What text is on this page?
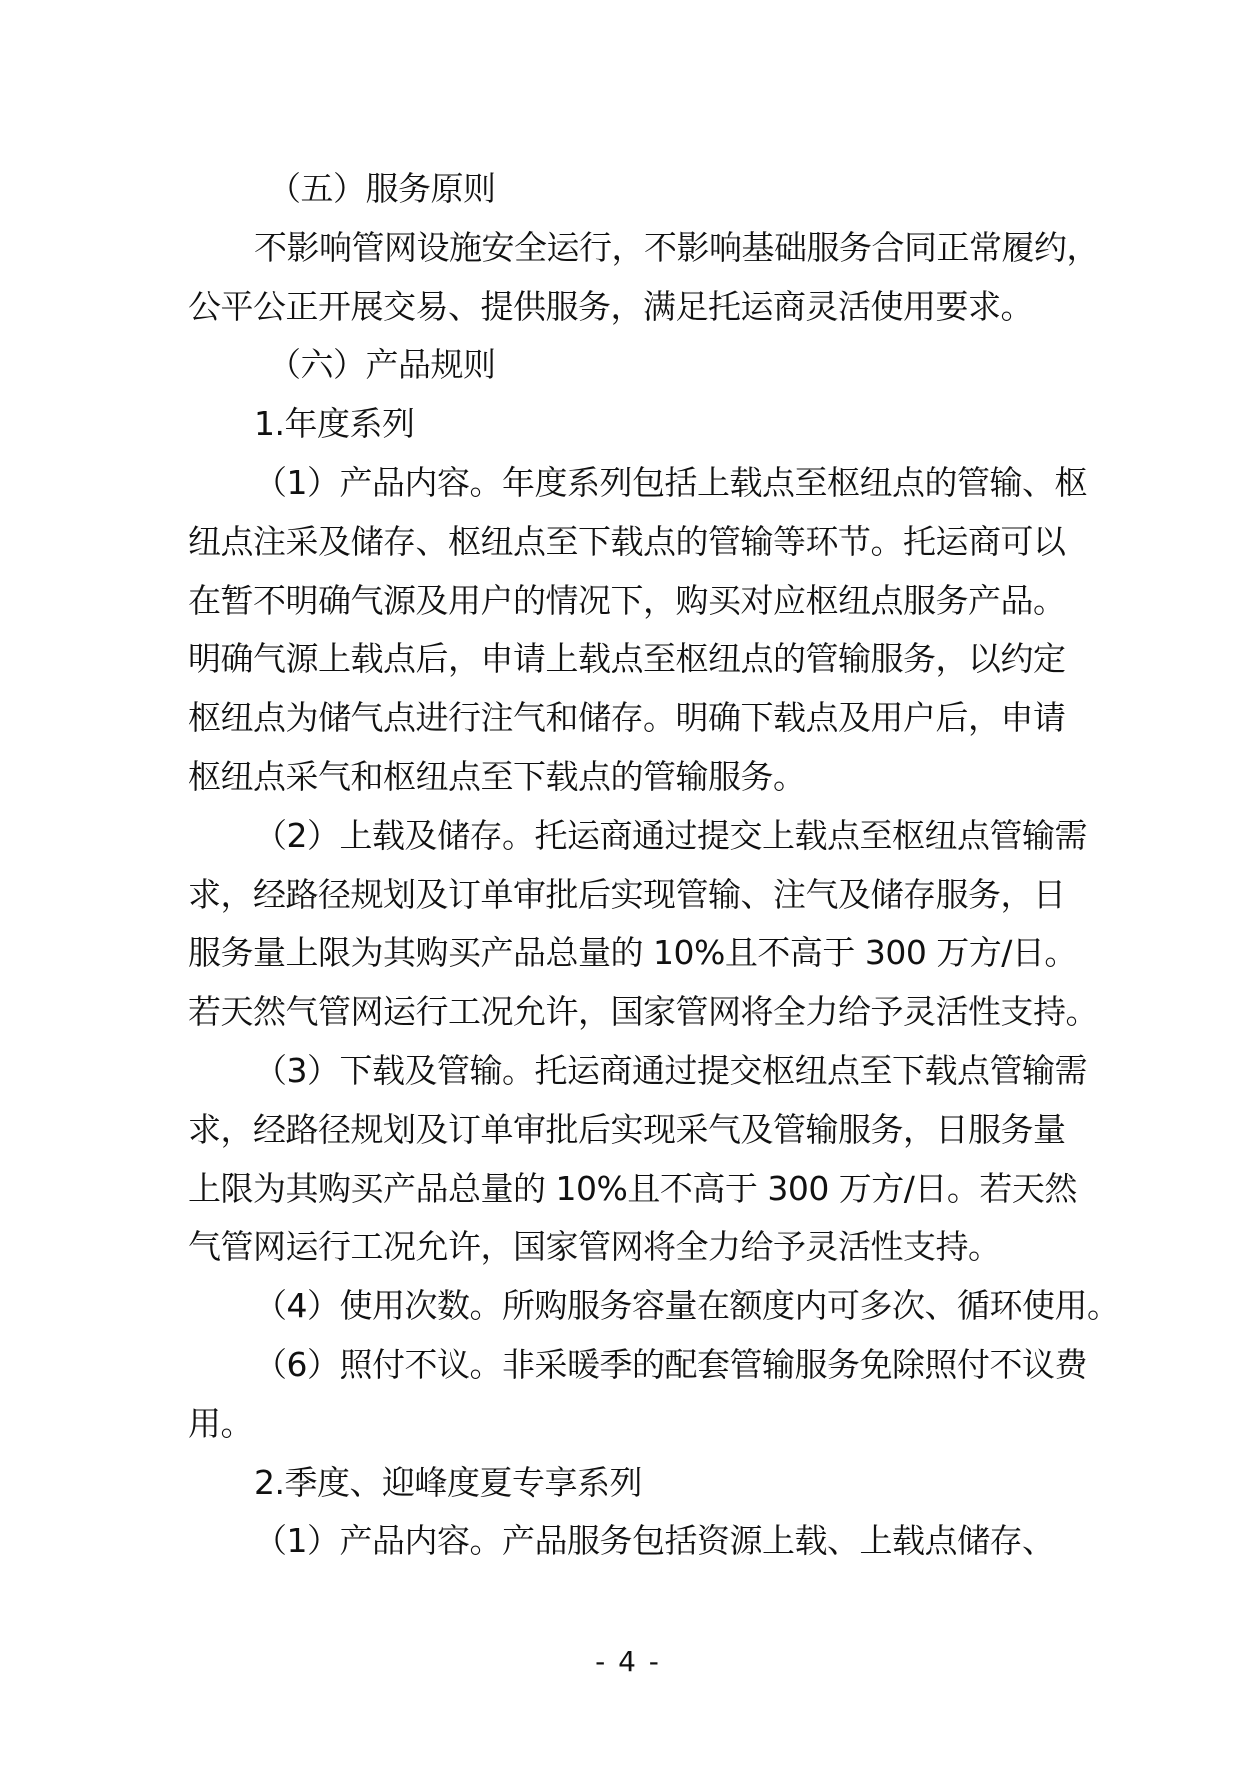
（五）服务原则
不影响管网设施安全运行，不影响基础服务合同正常履约，
公平公正开展交易、提供服务，满足托运商灵活使用要求。
（六）产品规则
1.年度系列
（1）产品内容。年度系列包括上载点至枢纽点的管输、枢
纽点注采及储存、枢纽点至下载点的管输等环节。托运商可以
在暂不明确气源及用户的情况下，购买对应枢纽点服务产品。
明确气源上载点后，申请上载点至枢纽点的管输服务，以约定
枢纽点为储气点进行注气和储存。明确下载点及用户后，申请
枢纽点采气和枢纽点至下载点的管输服务。
（2）上载及储存。托运商通过提交上载点至枢纽点管输需
求，经路径规划及订单审批后实现管输、注气及储存服务，日
服务量上限为其购买产品总量的 10%且不高于 300 万方/日。
若天然气管网运行工况允许，国家管网将全力给予灵活性支持。
（3）下载及管输。托运商通过提交枢纽点至下载点管输需
求，经路径规划及订单审批后实现采气及管输服务，日服务量
上限为其购买产品总量的 10%且不高于 300 万方/日。若天然
气管网运行工况允许，国家管网将全力给予灵活性支持。
（4）使用次数。所购服务容量在额度内可多次、循环使用。
（6）照付不议。非采暖季的配套管输服务免除照付不议费
用。
2.季度、迎峰度夏专享系列
（1）产品内容。产品服务包括资源上载、上载点储存、
- 4 -
